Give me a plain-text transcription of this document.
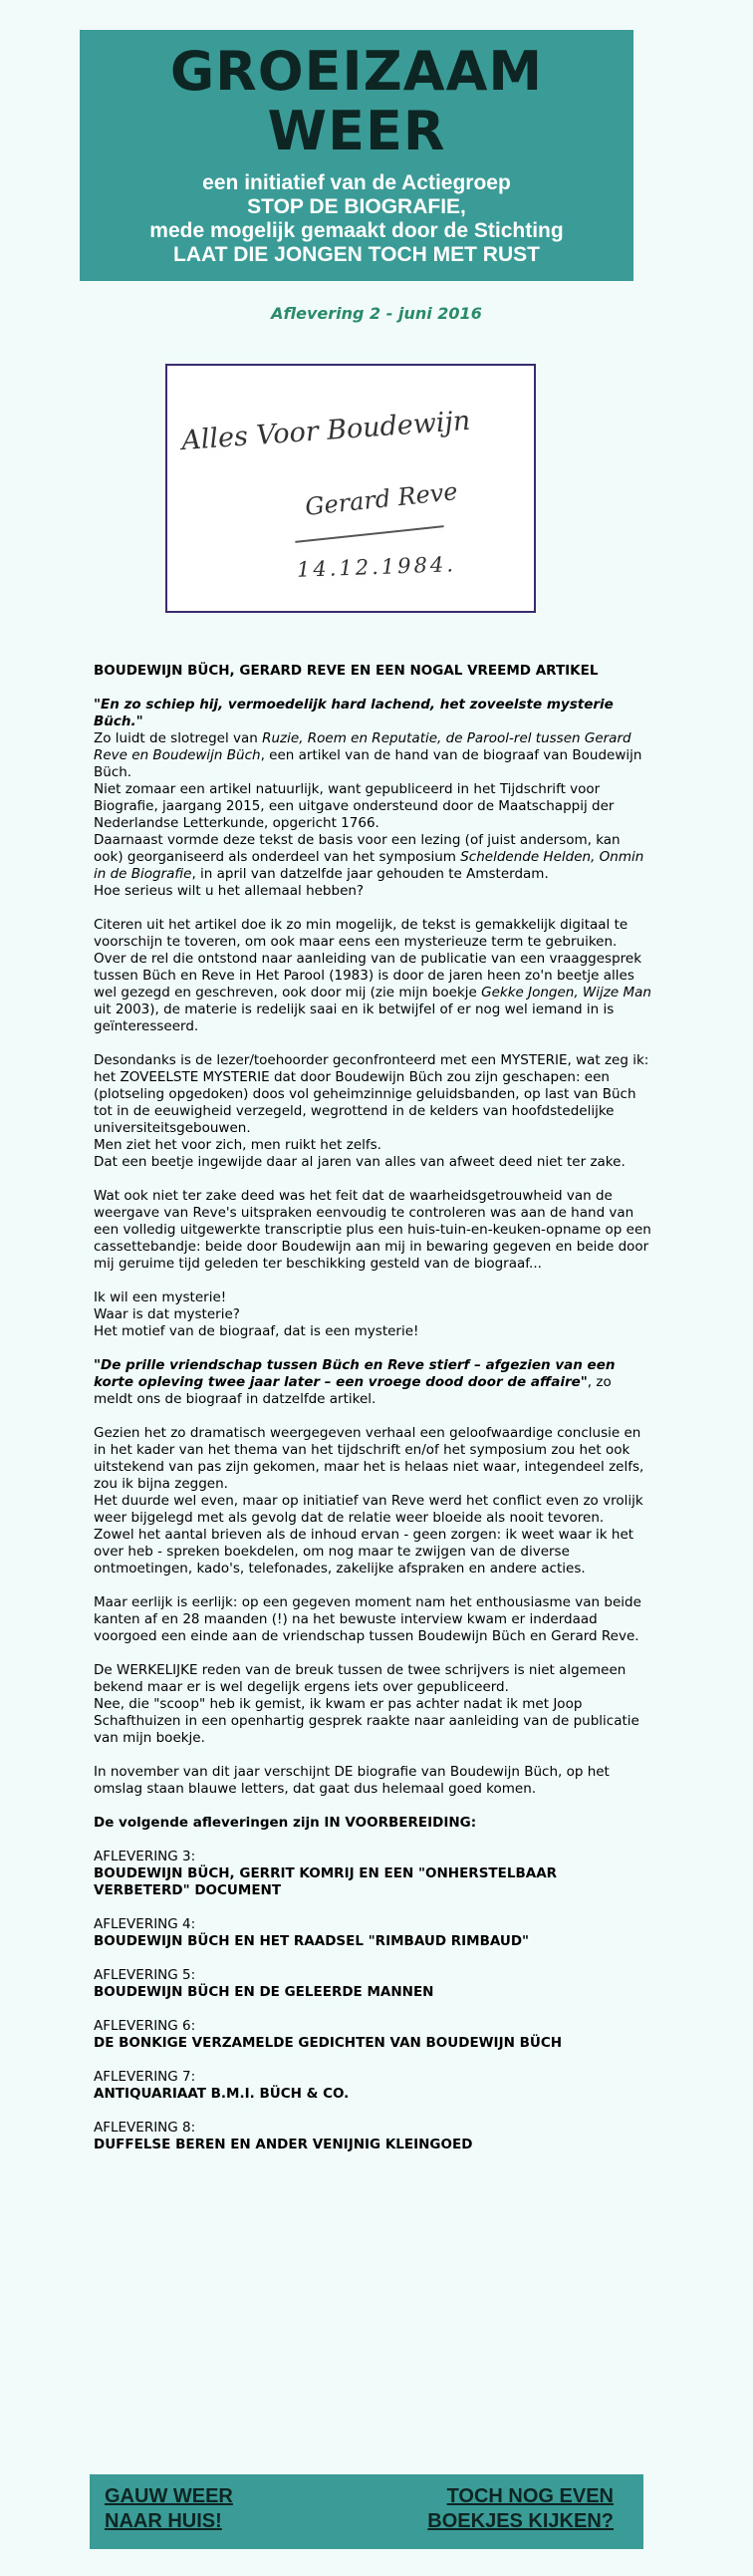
GROEIZAAM
WEER
een initiatief van de Actiegroep
STOP DE BIOGRAFIE,
mede mogelijk gemaakt door de Stichting
LAAT DIE JONGEN TOCH MET RUST
Aflevering 2 - juni 2016
Alles Voor Boudewijn
Gerard Reve
14.12.1984.
BOUDEWIJN BÜCH, GERARD REVE EN EEN NOGAL VREEMD ARTIKEL

"En zo schiep hij, vermoedelijk hard lachend, het zoveelste mysterie Büch."
Zo luidt de slotregel van Ruzie, Roem en Reputatie, de Parool-rel tussen Gerard Reve en Boudewijn Büch, een artikel van de hand van de biograaf van Boudewijn Büch.
Niet zomaar een artikel natuurlijk, want gepubliceerd in het Tijdschrift voor Biografie, jaargang 2015, een uitgave ondersteund door de Maatschappij der Nederlandse Letterkunde, opgericht 1766.
Daarnaast vormde deze tekst de basis voor een lezing (of juist andersom, kan ook) georganiseerd als onderdeel van het symposium Scheldende Helden, Onmin in de Biografie, in april van datzelfde jaar gehouden te Amsterdam.
Hoe serieus wilt u het allemaal hebben?

Citeren uit het artikel doe ik zo min mogelijk, de tekst is gemakkelijk digitaal te voorschijn te toveren, om ook maar eens een mysterieuze term te gebruiken.
Over de rel die ontstond naar aanleiding van de publicatie van een vraaggesprek tussen Büch en Reve in Het Parool (1983) is door de jaren heen zo'n beetje alles wel gezegd en geschreven, ook door mij (zie mijn boekje Gekke Jongen, Wijze Man uit 2003), de materie is redelijk saai en ik betwijfel of er nog wel iemand in is geïnteresseerd.

Desondanks is de lezer/toehoorder geconfronteerd met een MYSTERIE, wat zeg ik: het ZOVEELSTE MYSTERIE dat door Boudewijn Büch zou zijn geschapen: een (plotseling opgedoken) doos vol geheimzinnige geluidsbanden, op last van Büch tot in de eeuwigheid verzegeld, wegrottend in de kelders van hoofdstedelijke universiteitsgebouwen.
Men ziet het voor zich, men ruikt het zelfs.
Dat een beetje ingewijde daar al jaren van alles van afweet deed niet ter zake.

Wat ook niet ter zake deed was het feit dat de waarheidsgetrouwheid van de weergave van Reve's uitspraken eenvoudig te controleren was aan de hand van een volledig uitgewerkte transcriptie plus een huis-tuin-en-keuken-opname op een cassettebandje: beide door Boudewijn aan mij in bewaring gegeven en beide door mij geruime tijd geleden ter beschikking gesteld van de biograaf...

Ik wil een mysterie!
Waar is dat mysterie?
Het motief van de biograaf, dat is een mysterie!

"De prille vriendschap tussen Büch en Reve stierf – afgezien van een korte opleving twee jaar later – een vroege dood door de affaire", zo meldt ons de biograaf in datzelfde artikel.

Gezien het zo dramatisch weergegeven verhaal een geloofwaardige conclusie en in het kader van het thema van het tijdschrift en/of het symposium zou het ook uitstekend van pas zijn gekomen, maar het is helaas niet waar, integendeel zelfs, zou ik bijna zeggen.
Het duurde wel even, maar op initiatief van Reve werd het conflict even zo vrolijk weer bijgelegd met als gevolg dat de relatie weer bloeide als nooit tevoren.
Zowel het aantal brieven als de inhoud ervan - geen zorgen: ik weet waar ik het over heb - spreken boekdelen, om nog maar te zwijgen van de diverse ontmoetingen, kado's, telefonades, zakelijke afspraken en andere acties.

Maar eerlijk is eerlijk: op een gegeven moment nam het enthousiasme van beide kanten af en 28 maanden (!) na het bewuste interview kwam er inderdaad voorgoed een einde aan de vriendschap tussen Boudewijn Büch en Gerard Reve.

De WERKELIJKE reden van de breuk tussen de twee schrijvers is niet algemeen bekend maar er is wel degelijk ergens iets over gepubliceerd.
Nee, die "scoop" heb ik gemist, ik kwam er pas achter nadat ik met Joop Schafthuizen in een openhartig gesprek raakte naar aanleiding van de publicatie van mijn boekje.

In november van dit jaar verschijnt DE biografie van Boudewijn Büch, op het omslag staan blauwe letters, dat gaat dus helemaal goed komen.

De volgende afleveringen zijn IN VOORBEREIDING:

AFLEVERING 3:
BOUDEWIJN BÜCH, GERRIT KOMRIJ EN EEN "ONHERSTELBAAR VERBETERD" DOCUMENT
AFLEVERING 4:
BOUDEWIJN BÜCH EN HET RAADSEL "RIMBAUD RIMBAUD"
AFLEVERING 5:
BOUDEWIJN BÜCH EN DE GELEERDE MANNEN
AFLEVERING 6:
DE BONKIGE VERZAMELDE GEDICHTEN VAN BOUDEWIJN BÜCH
AFLEVERING 7:
ANTIQUARIAAT B.M.I. BÜCH & CO.
AFLEVERING 8:
DUFFELSE BEREN EN ANDER VENIJNIG KLEINGOED
GAUW WEER
NAAR HUIS!
TOCH NOG EVEN
BOEKJES KIJKEN?
